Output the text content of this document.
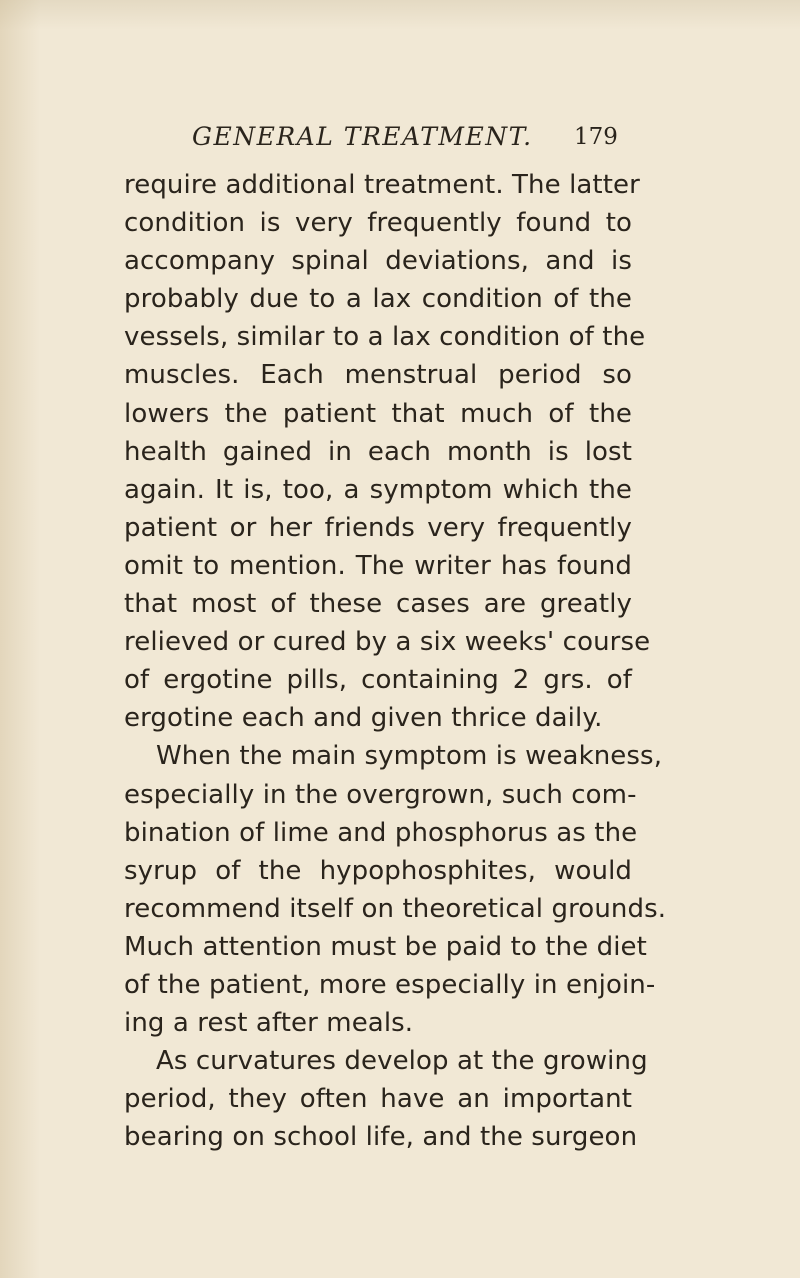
GENERAL TREATMENT. 179
require additional treatment. The latter
condition is very frequently found to
accompany spinal deviations, and is
probably due to a lax condition of the
vessels, similar to a lax condition of the
muscles. Each menstrual period so
lowers the patient that much of the
health gained in each month is lost
again. It is, too, a symptom which the
patient or her friends very frequently
omit to mention. The writer has found
that most of these cases are greatly
relieved or cured by a six weeks' course
of ergotine pills, containing 2 grs. of
ergotine each and given thrice daily.
When the main symptom is weakness,
especially in the overgrown, such com-
bination of lime and phosphorus as the
syrup of the hypophosphites, would
recommend itself on theoretical grounds.
Much attention must be paid to the diet
of the patient, more especially in enjoin-
ing a rest after meals.
As curvatures develop at the growing
period, they often have an important
bearing on school life, and the surgeon
